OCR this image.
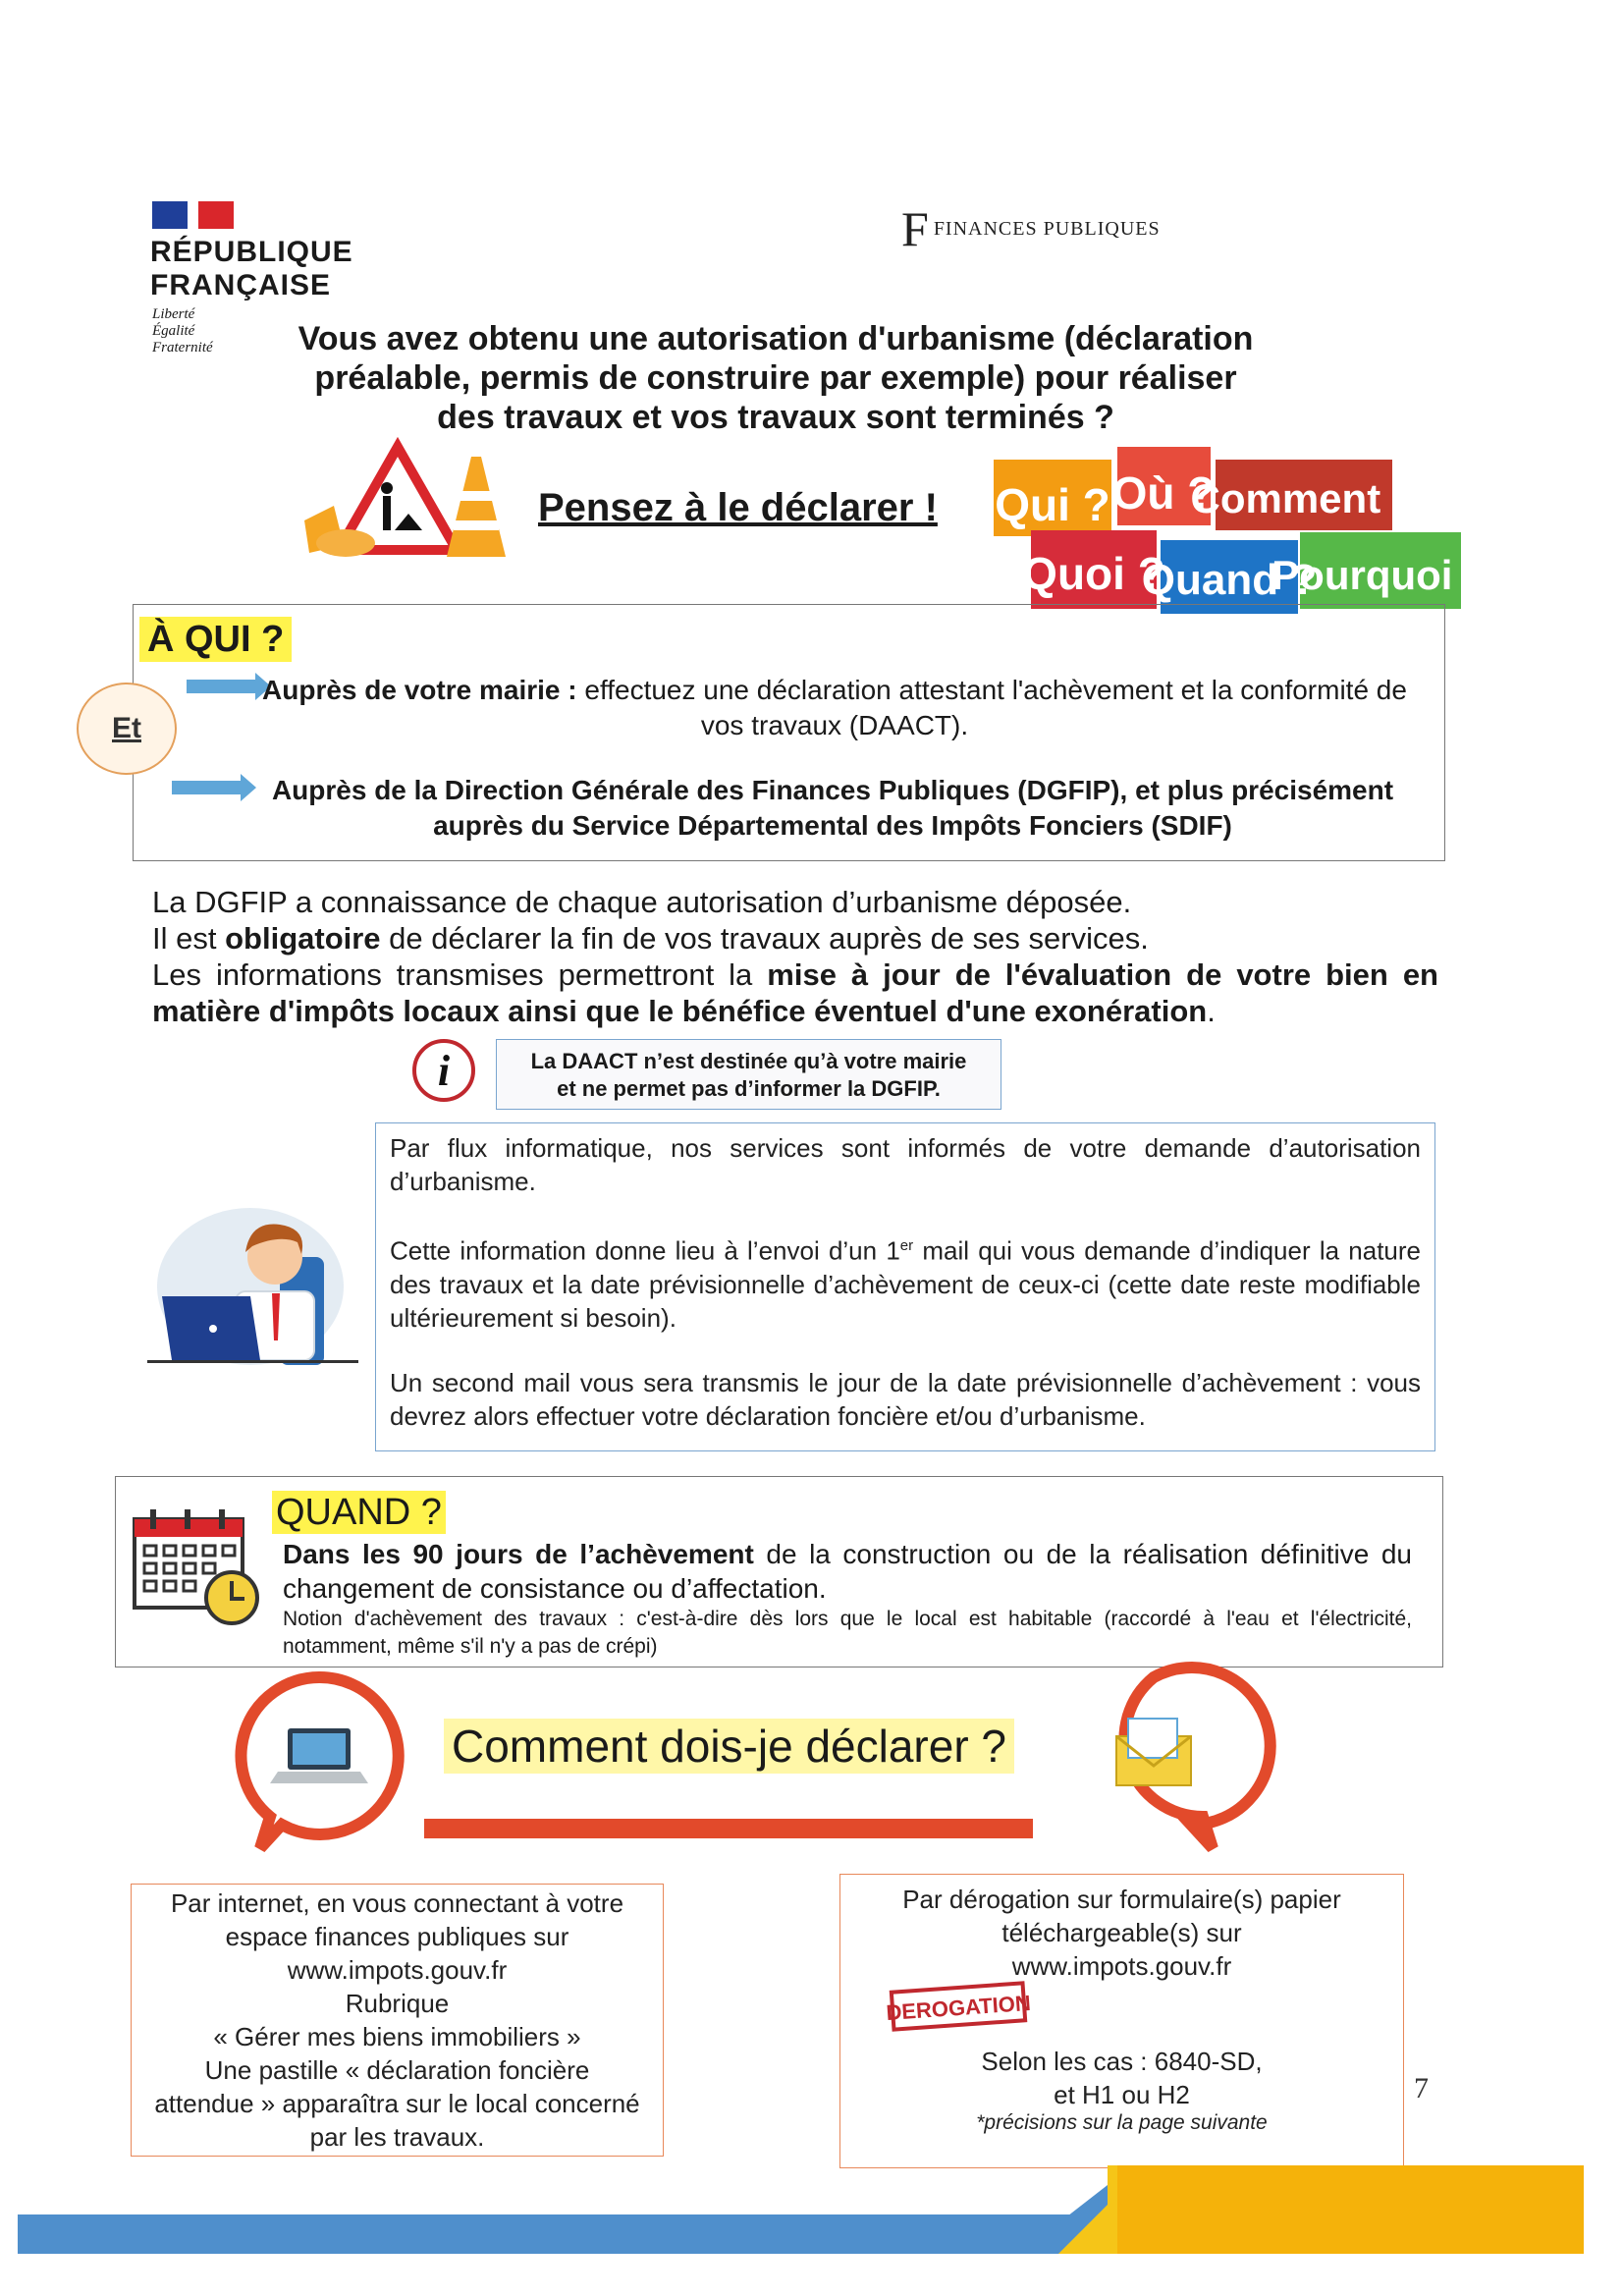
RÉPUBLIQUE
FRANÇAISE
Liberté
Égalité
Fraternité
F FINANCES PUBLIQUES
Vous avez obtenu une autorisation d'urbanisme (déclaration
préalable, permis de construire par exemple) pour réaliser
des travaux et vos travaux sont terminés ?
Pensez à le déclarer ! Qui ? Où ?
Comment ?
Quoi ?
Quand ?
Pourquoi ?
À QUI ?
Et
Auprès de votre mairie : effectuez une déclaration attestant l'achèvement et la conformité de vos travaux (DAACT).
Auprès de la Direction Générale des Finances Publiques (DGFIP), et plus précisément
auprès du Service Départemental des Impôts Fonciers (SDIF)
La DGFIP a connaissance de chaque autorisation d’urbanisme déposée.
Il est obligatoire de déclarer la fin de vos travaux auprès de ses services.
Les informations transmises permettront la mise à jour de l'évaluation de votre bien en matière d'impôts locaux ainsi que le bénéfice éventuel d'une exonération.
i	La DAACT n’est destinée qu’à votre mairie
et ne permet pas d’informer la DGFIP.

Par flux informatique, nos services sont informés de votre demande d’autorisation d’urbanisme.

Cette information donne lieu à l’envoi d’un 1er mail qui vous demande d’indiquer la nature des travaux et la date prévisionnelle d’achèvement de ceux-ci (cette date reste modifiable ultérieurement si besoin).

Un second mail vous sera transmis le jour de la date prévisionnelle d’achèvement : vous devrez alors effectuer votre déclaration foncière et/ou d’urbanisme.

QUAND ?
Dans les 90 jours de l’achèvement de la construction ou de la réalisation définitive du changement de consistance ou d’affectation.
Notion d'achèvement des travaux : c'est-à-dire dès lors que le local est habitable (raccordé à l'eau et l'électricité, notamment, même s'il n'y a pas de crépi)
Comment dois-je déclarer ?
Par internet, en vous connectant à votre
espace finances publiques sur
www.impots.gouv.fr
Rubrique
« Gérer mes biens immobiliers »
Une pastille « déclaration foncière
attendue » apparaîtra sur le local concerné
par les travaux.
Par dérogation sur formulaire(s) papier
téléchargeable(s) sur
www.impots.gouv.fr
DEROGATION
Selon les cas : 6840-SD,
et H1 ou H2
*précisions sur la page suivante
7
